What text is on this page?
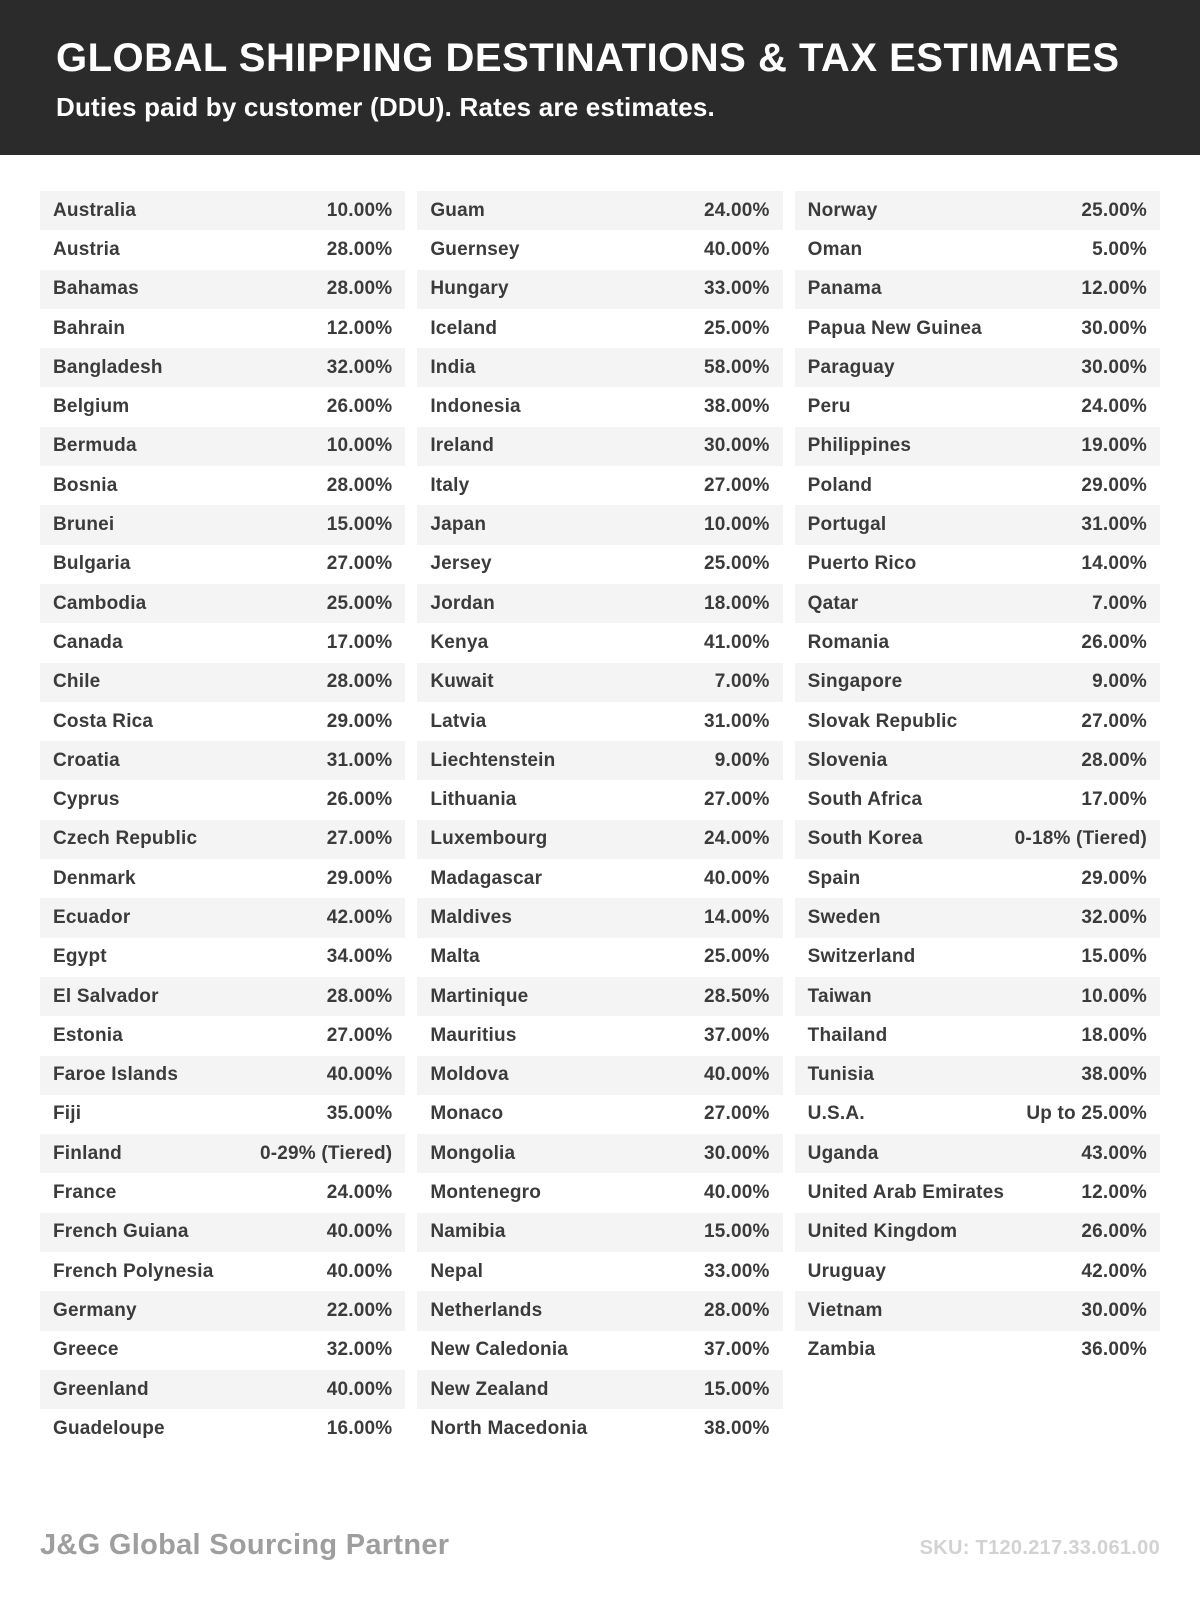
GLOBAL SHIPPING DESTINATIONS & TAX ESTIMATES
Duties paid by customer (DDU). Rates are estimates.
Australia	10.00%
Austria	28.00%
Bahamas	28.00%
Bahrain	12.00%
Bangladesh	32.00%
Belgium	26.00%
Bermuda	10.00%
Bosnia	28.00%
Brunei	15.00%
Bulgaria	27.00%
Cambodia	25.00%
Canada	17.00%
Chile	28.00%
Costa Rica	29.00%
Croatia	31.00%
Cyprus	26.00%
Czech Republic	27.00%
Denmark	29.00%
Ecuador	42.00%
Egypt	34.00%
El Salvador	28.00%
Estonia	27.00%
Faroe Islands	40.00%
Fiji	35.00%
Finland	0-29% (Tiered)
France	24.00%
French Guiana	40.00%
French Polynesia	40.00%
Germany	22.00%
Greece	32.00%
Greenland	40.00%
Guadeloupe	16.00%
Guam	24.00%
Guernsey	40.00%
Hungary	33.00%
Iceland	25.00%
India	58.00%
Indonesia	38.00%
Ireland	30.00%
Italy	27.00%
Japan	10.00%
Jersey	25.00%
Jordan	18.00%
Kenya	41.00%
Kuwait	7.00%
Latvia	31.00%
Liechtenstein	9.00%
Lithuania	27.00%
Luxembourg	24.00%
Madagascar	40.00%
Maldives	14.00%
Malta	25.00%
Martinique	28.50%
Mauritius	37.00%
Moldova	40.00%
Monaco	27.00%
Mongolia	30.00%
Montenegro	40.00%
Namibia	15.00%
Nepal	33.00%
Netherlands	28.00%
New Caledonia	37.00%
New Zealand	15.00%
North Macedonia	38.00%
Norway	25.00%
Oman	5.00%
Panama	12.00%
Papua New Guinea	30.00%
Paraguay	30.00%
Peru	24.00%
Philippines	19.00%
Poland	29.00%
Portugal	31.00%
Puerto Rico	14.00%
Qatar	7.00%
Romania	26.00%
Singapore	9.00%
Slovak Republic	27.00%
Slovenia	28.00%
South Africa	17.00%
South Korea	0-18% (Tiered)
Spain	29.00%
Sweden	32.00%
Switzerland	15.00%
Taiwan	10.00%
Thailand	18.00%
Tunisia	38.00%
U.S.A.	Up to 25.00%
Uganda	43.00%
United Arab Emirates	12.00%
United Kingdom	26.00%
Uruguay	42.00%
Vietnam	30.00%
Zambia	36.00%
J&G Global Sourcing Partner	SKU: T120.217.33.061.00
